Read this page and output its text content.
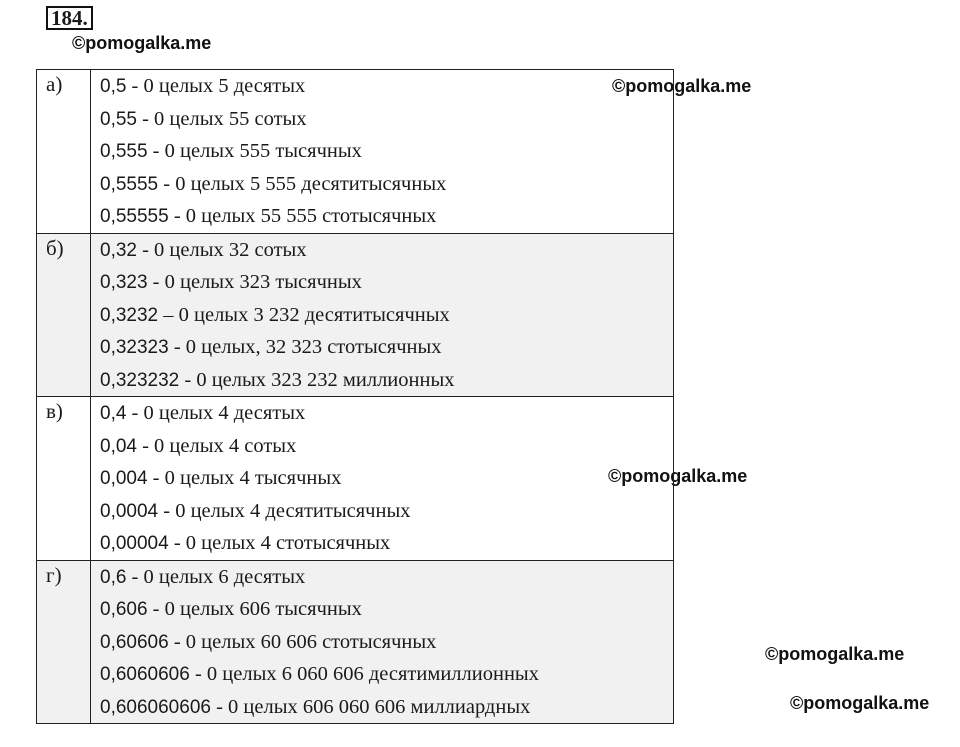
184.
©pomogalka.me
©pomogalka.me
©pomogalka.me
©pomogalka.me
©pomogalka.me
а)	0,5 - 0 целых 5 десятых
0,55 - 0 целых 55 сотых
0,555 - 0 целых 555 тысячных
0,5555 - 0 целых 5 555 десятитысячных
0,55555 - 0 целых 55 555 стотысячных

б)	0,32 - 0 целых 32 сотых
0,323 - 0 целых 323 тысячных
0,3232 – 0 целых 3 232 десятитысячных
0,32323 - 0 целых, 32 323 стотысячных
0,323232 - 0 целых 323 232 миллионных

в)	0,4 - 0 целых 4 десятых
0,04 - 0 целых 4 сотых
0,004 - 0 целых 4 тысячных
0,0004 - 0 целых 4 десятитысячных
0,00004 - 0 целых 4 стотысячных

г)	0,6 - 0 целых 6 десятых
0,606 - 0 целых 606 тысячных
0,60606 - 0 целых 60 606 стотысячных
0,6060606 - 0 целых 6 060 606 десятимиллионных
0,606060606 - 0 целых 606 060 606 миллиардных
